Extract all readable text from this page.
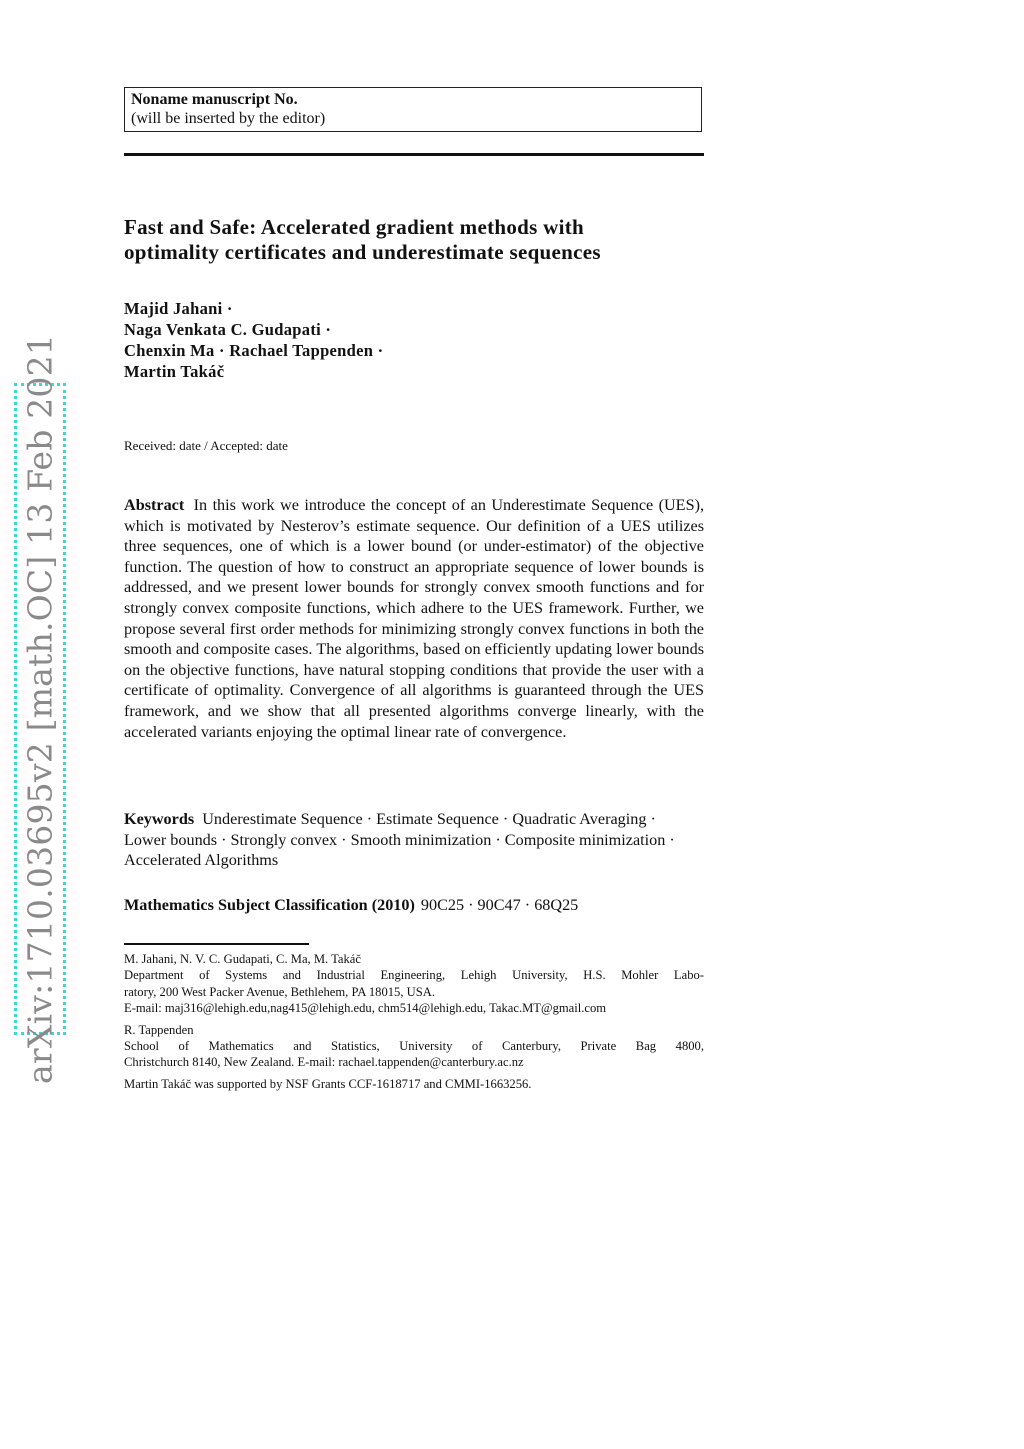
arXiv:1710.03695v2 [math.OC] 13 Feb 2021
Noname manuscript No.
(will be inserted by the editor)
Fast and Safe: Accelerated gradient methods with
optimality certificates and underestimate sequences
Majid Jahani ·
Naga Venkata C. Gudapati ·
Chenxin Ma · Rachael Tappenden ·
Martin Takáč
Received: date / Accepted: date
Abstract In this work we introduce the concept of an Underestimate Sequence (UES), which is motivated by Nesterov’s estimate sequence. Our definition of a UES utilizes three sequences, one of which is a lower bound (or under-estimator) of the objective function. The question of how to construct an appropriate sequence of lower bounds is addressed, and we present lower bounds for strongly convex smooth functions and for strongly convex composite functions, which adhere to the UES framework. Further, we propose several first order methods for minimizing strongly convex functions in both the smooth and composite cases. The algorithms, based on efficiently updating lower bounds on the objective functions, have natural stopping conditions that provide the user with a certificate of optimality. Convergence of all algorithms is guaranteed through the UES framework, and we show that all presented algorithms converge linearly, with the accelerated variants enjoying the optimal linear rate of convergence.
Keywords Underestimate Sequence · Estimate Sequence · Quadratic Averaging · Lower bounds · Strongly convex · Smooth minimization · Composite minimization · Accelerated Algorithms
Mathematics Subject Classification (2010) 90C25 · 90C47 · 68Q25
M. Jahani, N. V. C. Gudapati, C. Ma, M. Takáč
Department of Systems and Industrial Engineering, Lehigh University, H.S. Mohler Labo-
ratory, 200 West Packer Avenue, Bethlehem, PA 18015, USA.
E-mail: maj316@lehigh.edu,nag415@lehigh.edu, chm514@lehigh.edu, Takac.MT@gmail.com
R. Tappenden
School of Mathematics and Statistics, University of Canterbury, Private Bag 4800,
Christchurch 8140, New Zealand. E-mail: rachael.tappenden@canterbury.ac.nz
Martin Takáč was supported by NSF Grants CCF-1618717 and CMMI-1663256.
